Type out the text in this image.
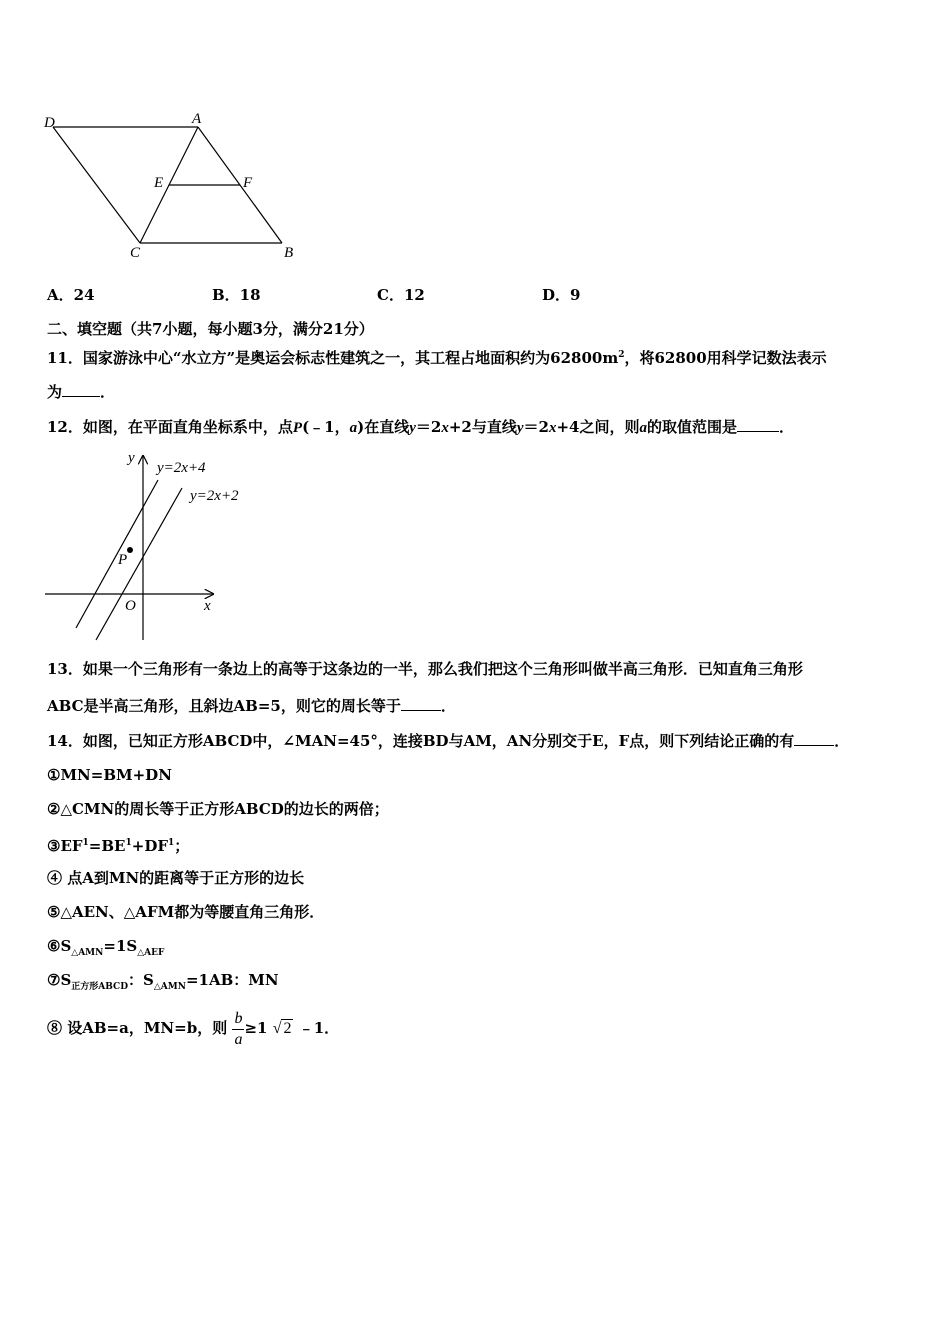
D	A
E	F
C	B
A．24	B．18	C．12	D．9
二、填空题（共7小题，每小题3分，满分21分）
11．国家游泳中心“水立方”是奥运会标志性建筑之一，其工程占地面积约为$62800m^2$，将62800用科学记数法表示
为	．
12．如图，在平面直角坐标系中，点P(﹣1，a)在直线y＝2x+2与直线y＝2x+4之间，则a的取值范围是	．
y
x
O
P
y=2x+4
y=2x+2
13．如果一个三角形有一条边上的高等于这条边的一半，那么我们把这个三角形叫做半高三角形．已知直角三角形
ABC是半高三角形，且斜边AB=5，则它的周长等于	．
14．如图，已知正方形ABCD中，∠MAN=45°，连接BD与AM，AN分别交于E，F点，则下列结论正确的有	．
①MN=BM+DN
②△CMN的周长等于正方形ABCD的边长的两倍；
$③EF^1=BE^1+DF^1$；
④ 点A到MN的距离等于正方形的边长
⑤△AEN、△AFM都为等腰直角三角形．
$⑥S_{\triangle AMN}=1S_{\triangle AEF}$
$⑦S_{正方形ABCD}$：$S_{\triangle AMN}=1AB$：MN
⑧ 设AB=a，MN=b，则 $\frac{b}{a} \ge 1$ √ 2 ﹣1．
